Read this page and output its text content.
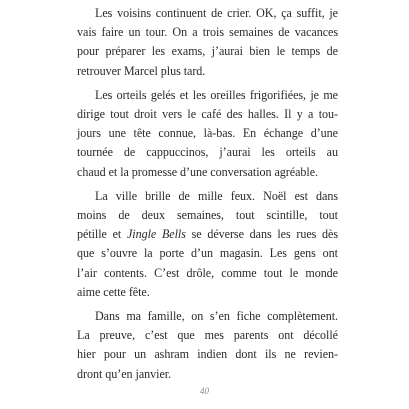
Les voisins continuent de crier. OK, ça suffit, je
vais faire un tour. On a trois semaines de vacances
pour préparer les exams, j’aurai bien le temps de
retrouver Marcel plus tard.

Les orteils gelés et les oreilles frigorifiées, je me
dirige tout droit vers le café des halles. Il y a tou-
jours une tête connue, là-bas. En échange d’une
tournée de cappuccinos, j’aurai les orteils au
chaud et la promesse d’une conversation agréable.

La ville brille de mille feux. Noël est dans
moins de deux semaines, tout scintille, tout
pétille et Jingle Bells se déverse dans les rues dès
que s’ouvre la porte d’un magasin. Les gens ont
l’air contents. C’est drôle, comme tout le monde
aime cette fête.

Dans ma famille, on s’en fiche complètement.
La preuve, c’est que mes parents ont décollé
hier pour un ashram indien dont ils ne revien-
dront qu’en janvier.

40
